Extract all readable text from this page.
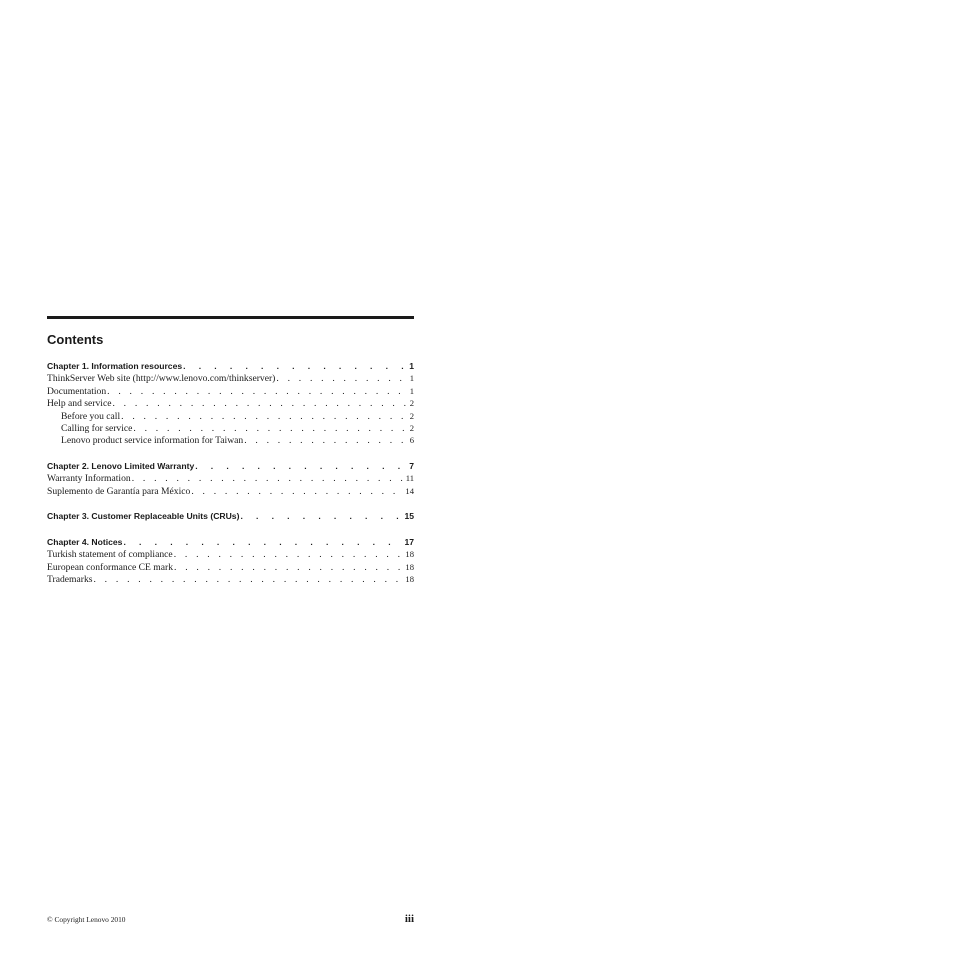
Contents
Chapter 1. Information resources . . .	1
ThinkServer Web site (http://www.lenovo.com/thinkserver) . . .	1
Documentation . . .	1
Help and service . . .	2
Before you call . . .	2
Calling for service . . .	2
Lenovo product service information for Taiwan . . .	6
Chapter 2. Lenovo Limited Warranty . . .	7
Warranty Information . . .	11
Suplemento de Garantía para México . . .	14
Chapter 3. Customer Replaceable Units (CRUs) . . .	15
Chapter 4. Notices . . .	17
Turkish statement of compliance . . .	18
European conformance CE mark . . .	18
Trademarks . . .	18
© Copyright Lenovo 2010	iii
